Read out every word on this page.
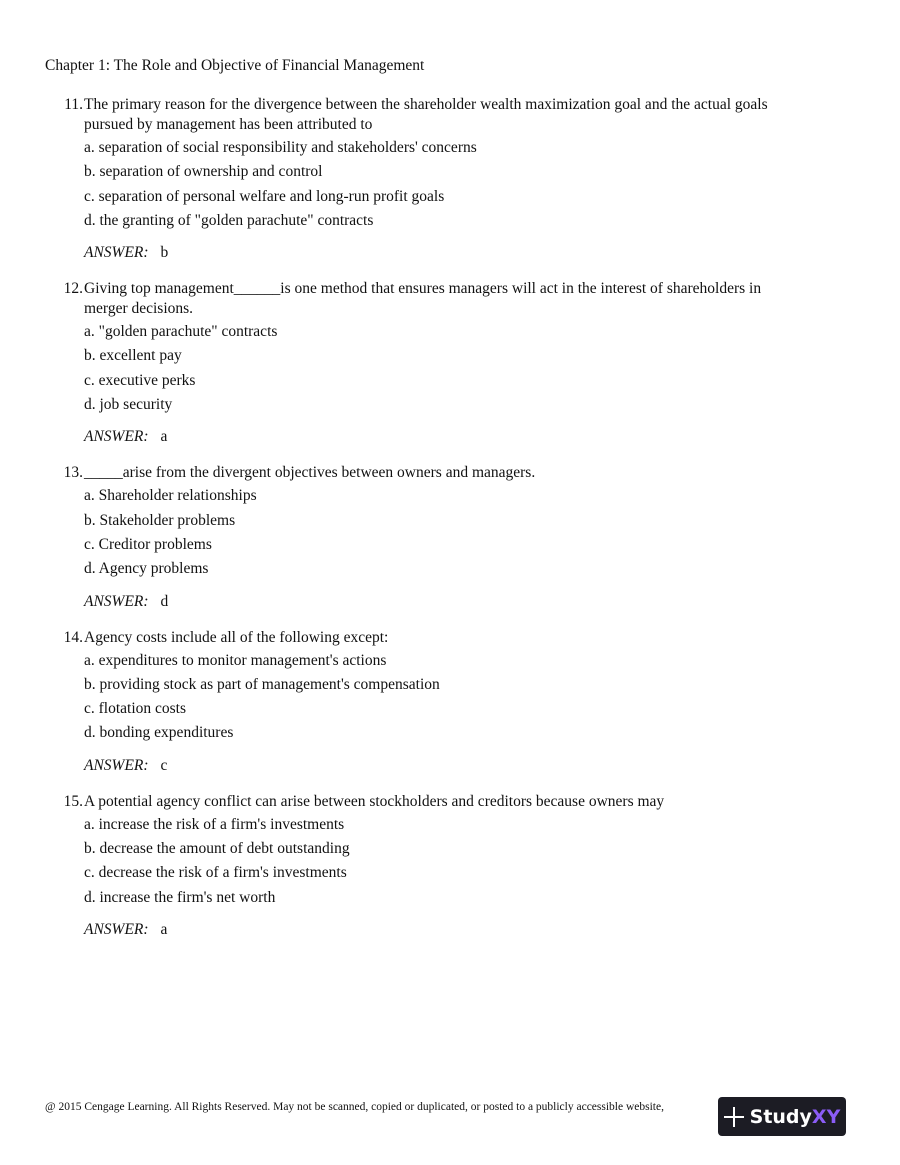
Chapter 1: The Role and Objective of Financial Management
11 . The primary reason for the divergence between the shareholder wealth maximization goal and the actual goals pursued by management has been attributed to
a. separation of social responsibility and stakeholders' concerns
b. separation of ownership and control
c. separation of personal welfare and long-run profit goals
d. the granting of "golden parachute" contracts
ANSWER: b
12 . Giving top management______is one method that ensures managers will act in the interest of shareholders in merger decisions.
a. "golden parachute" contracts
b. excellent pay
c. executive perks
d. job security
ANSWER: a
13 . _____arise from the divergent objectives between owners and managers.
a. Shareholder relationships
b. Stakeholder problems
c. Creditor problems
d. Agency problems
ANSWER: d
14 . Agency costs include all of the following except:
a. expenditures to monitor management's actions
b. providing stock as part of management's compensation
c. flotation costs
d. bonding expenditures
ANSWER: c
15 . A potential agency conflict can arise between stockholders and creditors because owners may
a. increase the risk of a firm's investments
b. decrease the amount of debt outstanding
c. decrease the risk of a firm's investments
d. increase the firm's net worth
ANSWER: a
@ 2015 Cengage Learning. All Rights Reserved. May not be scanned, copied or duplicated, or posted to a publicly accessible website,	StudyXY
